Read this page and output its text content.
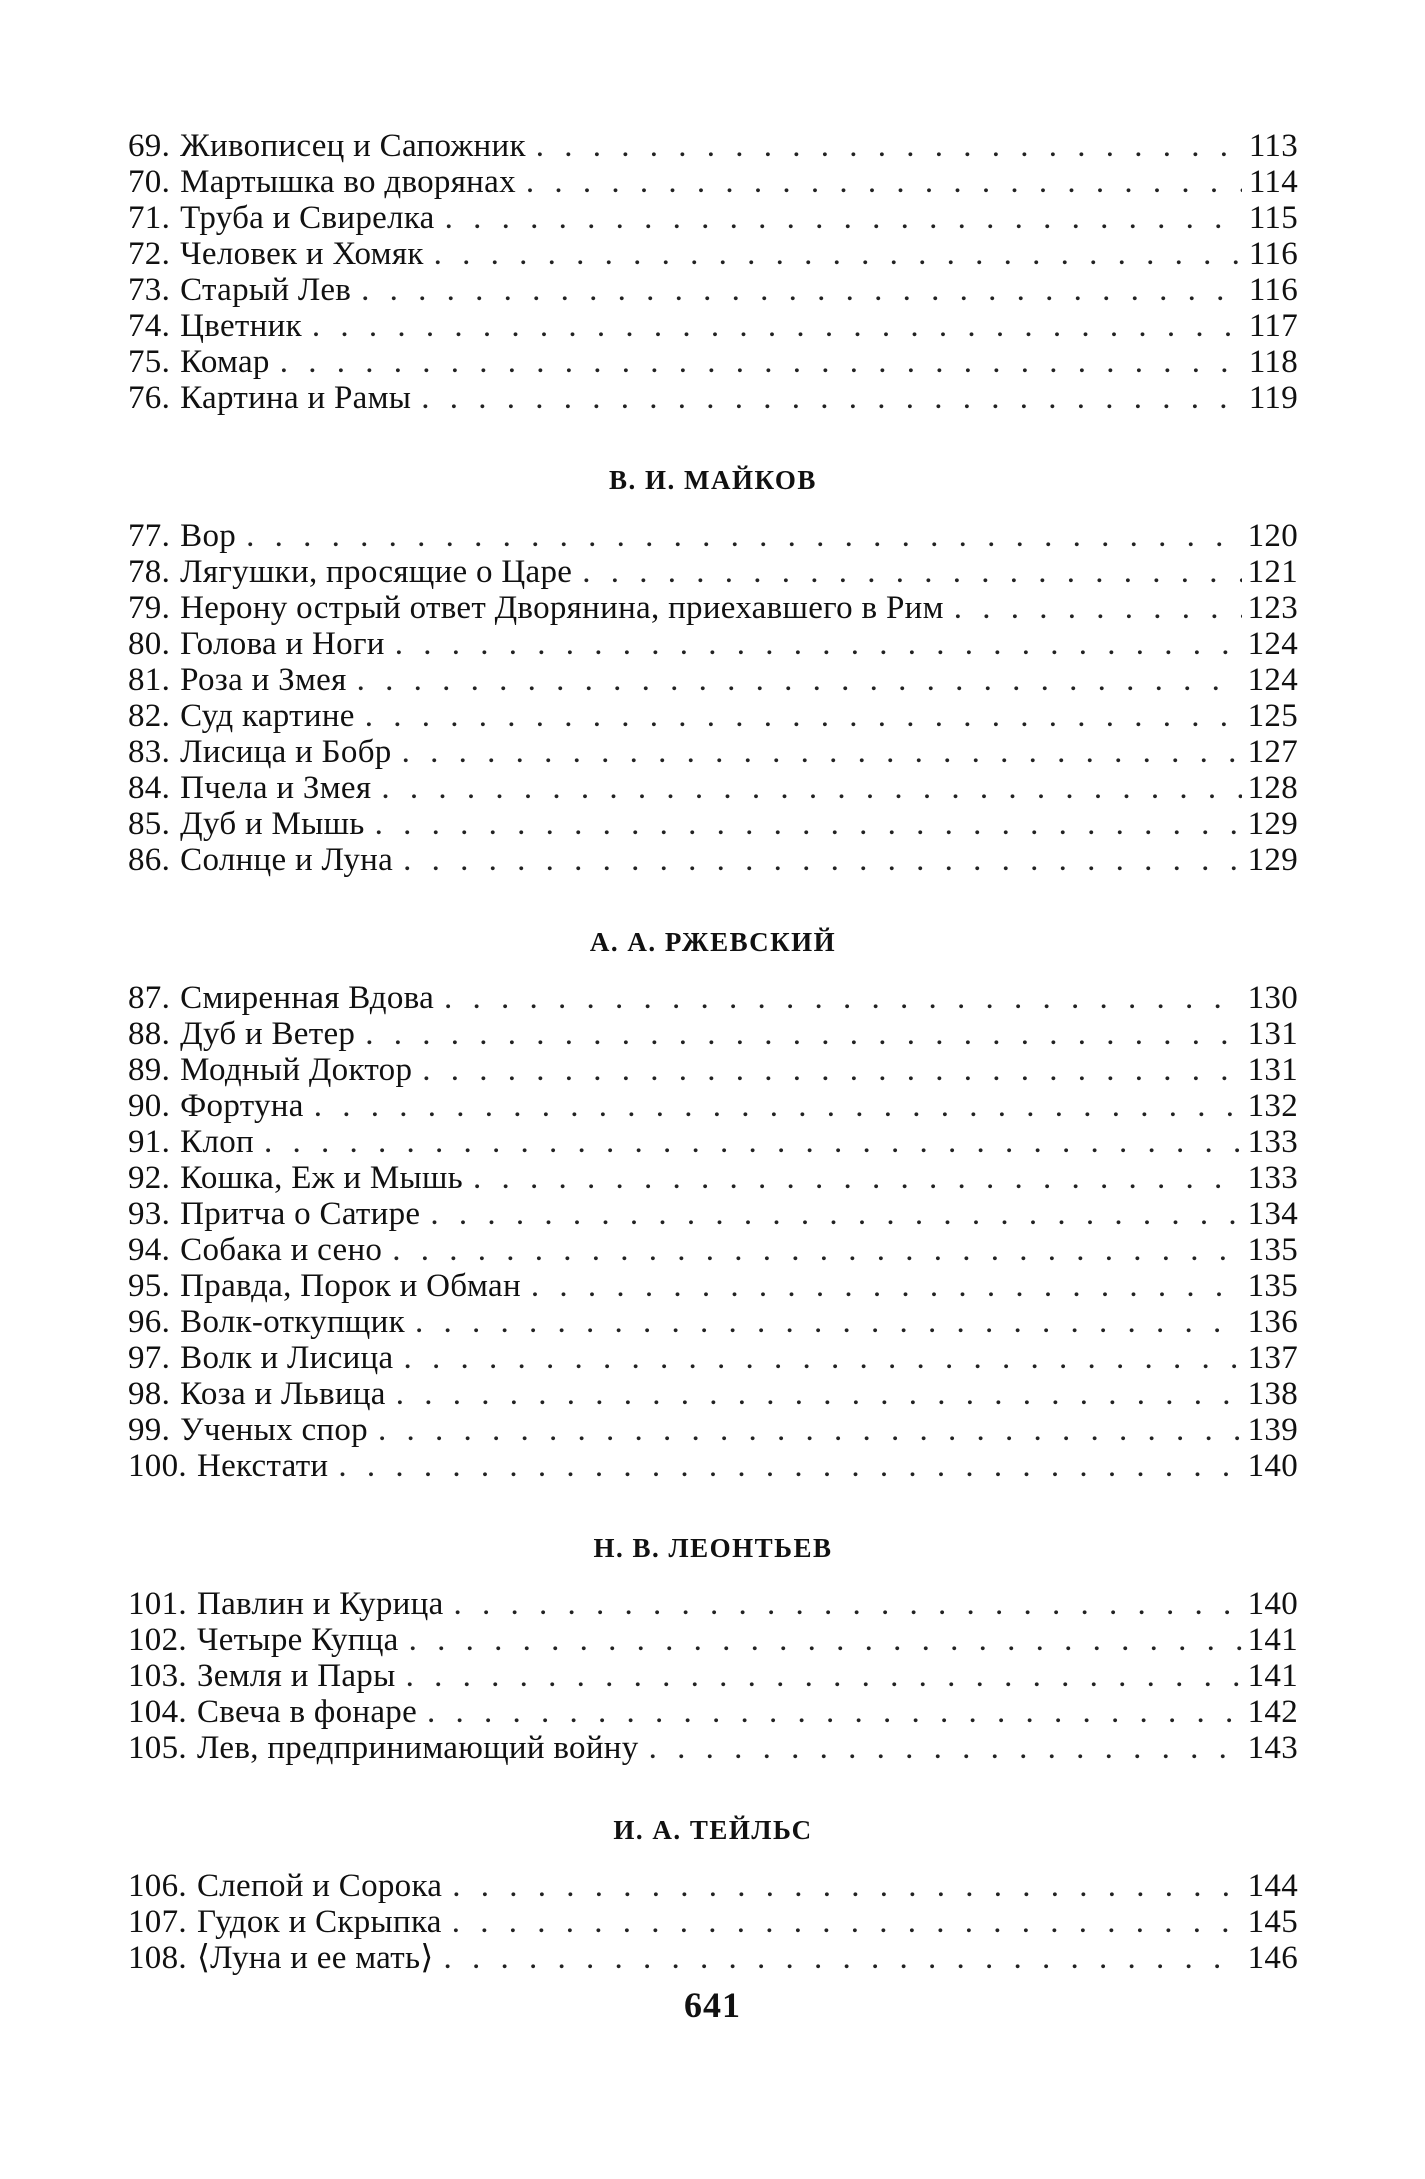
69. Живописец и Сапожник . . .	113
70. Мартышка во дворянах . . .	114
71. Труба и Свирелка . . .	115
72. Человек и Хомяк . . .	116
73. Старый Лев . . .	116
74. Цветник . . .	117
75. Комар . . .	118
76. Картина и Рамы . . .	119
В. И. МАЙКОВ
77. Вор . . .	120
78. Лягушки, просящие о Царе . . .	121
79. Нерону острый ответ Дворянина, приехавшего в Рим . . .	123
80. Голова и Ноги . . .	124
81. Роза и Змея . . .	124
82. Суд картине . . .	125
83. Лисица и Бобр . . .	127
84. Пчела и Змея . . .	128
85. Дуб и Мышь . . .	129
86. Солнце и Луна . . .	129
А. А. РЖЕВСКИЙ
87. Смиренная Вдова . . .	130
88. Дуб и Ветер . . .	131
89. Модный Доктор . . .	131
90. Фортуна . . .	132
91. Клоп . . .	133
92. Кошка, Еж и Мышь . . .	133
93. Притча о Сатире . . .	134
94. Собака и сено . . .	135
95. Правда, Порок и Обман . . .	135
96. Волк-откупщик . . .	136
97. Волк и Лисица . . .	137
98. Коза и Львица . . .	138
99. Ученых спор . . .	139
100. Некстати . . .	140
Н. В. ЛЕОНТЬЕВ
101. Павлин и Курица . . .	140
102. Четыре Купца . . .	141
103. Земля и Пары . . .	141
104. Свеча в фонаре . . .	142
105. Лев, предпринимающий войну . . .	143
И. А. ТЕЙЛЬС
106. Слепой и Сорока . . .	144
107. Гудок и Скрыпка . . .	145
108. ⟨Луна и ее мать⟩ . . .	146
641
